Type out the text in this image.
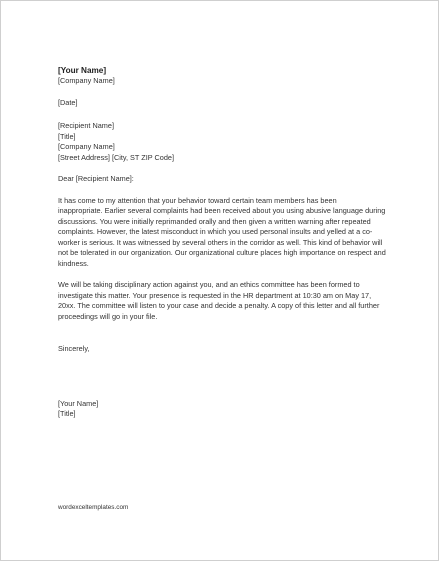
[Your Name]
[Company Name]
[Date]
[Recipient Name]
[Title]
[Company Name]
[Street Address] [City, ST ZIP Code]
Dear [Recipient Name]:
It has come to my attention that your behavior toward certain team members has been
inappropriate. Earlier several complaints had been received about you using abusive language during
discussions. You were initially reprimanded orally and then given a written warning after repeated
complaints. However, the latest misconduct in which you used personal insults and yelled at a co-
worker is serious. It was witnessed by several others in the corridor as well. This kind of behavior will
not be tolerated in our organization. Our organizational culture places high importance on respect and
kindness.
We will be taking disciplinary action against you, and an ethics committee has been formed to
investigate this matter. Your presence is requested in the HR department at 10:30 am on May 17,
20xx. The committee will listen to your case and decide a penalty. A copy of this letter and all further
proceedings will go in your file.
Sincerely,
[Your Name]
[Title]
wordexceltemplates.com
